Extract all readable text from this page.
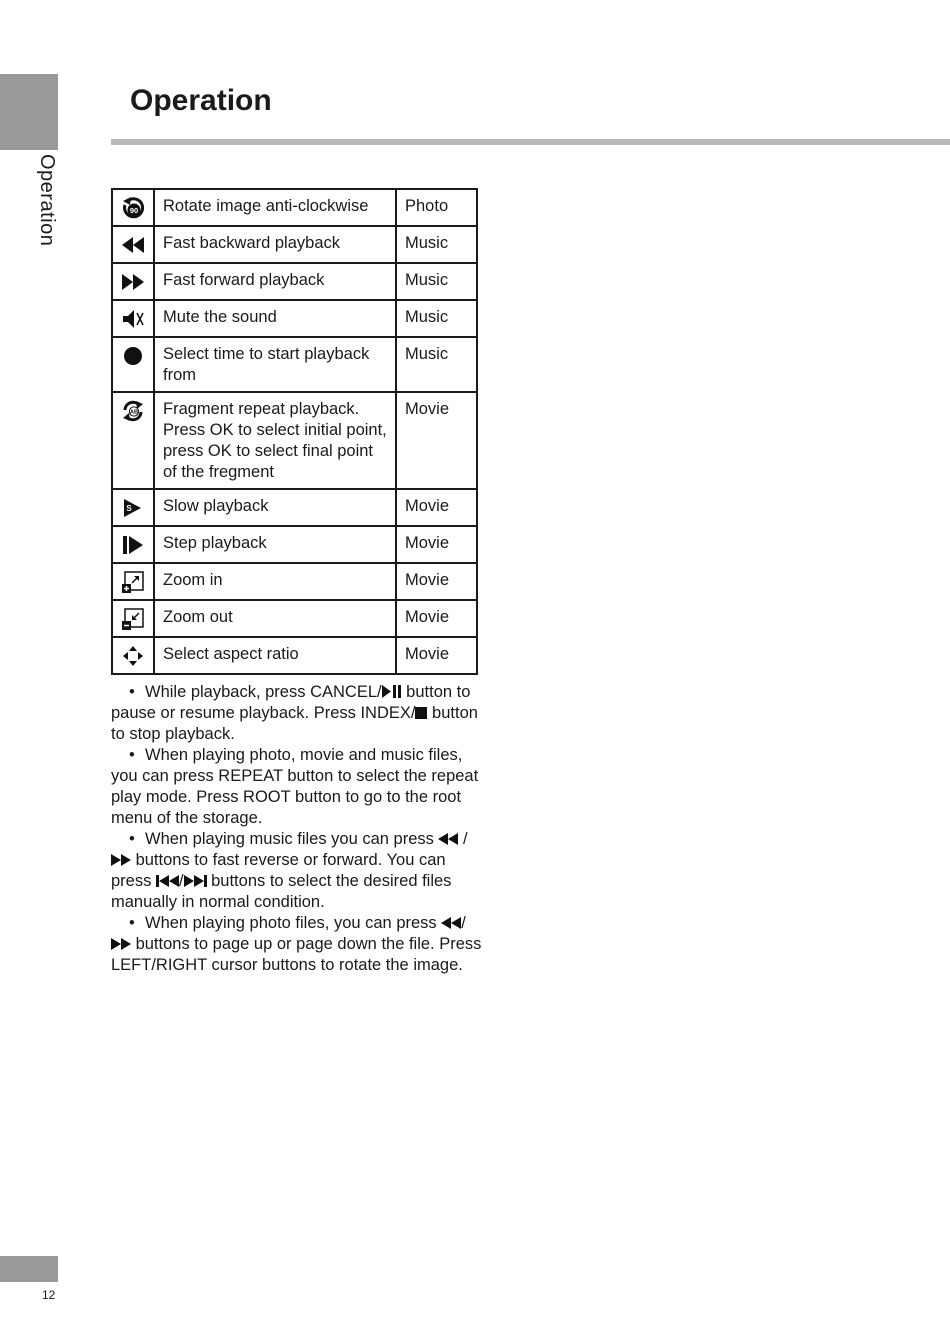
Operation
Operation
90	Rotate image anti-clockwise	Photo

	Fast backward playback	Music

	Fast forward playback	Music

	Mute the sound	Music

	Select time to start playback from	Music

AB	Fragment repeat playback. Press OK to select initial point, press OK to select final point of the fregment	Movie

S	Slow playback	Movie

	Step playback	Movie

	Zoom in	Movie

	Zoom out	Movie

	Select aspect ratio	Movie

• While playback, press CANCEL/
button to pause or resume playback. Press INDEX/
button to stop playback.

• When playing photo, movie and music files, you can press REPEAT button to select the repeat play mode. Press ROOT button to go to the root menu of the storage.

• When playing music files you can press
/
buttons to fast reverse or forward. You can press
/
buttons to select the desired files manually in normal condition.

• When playing photo files, you can press
/
buttons to page up or page down the file. Press LEFT/RIGHT cursor buttons to rotate the image.

12
